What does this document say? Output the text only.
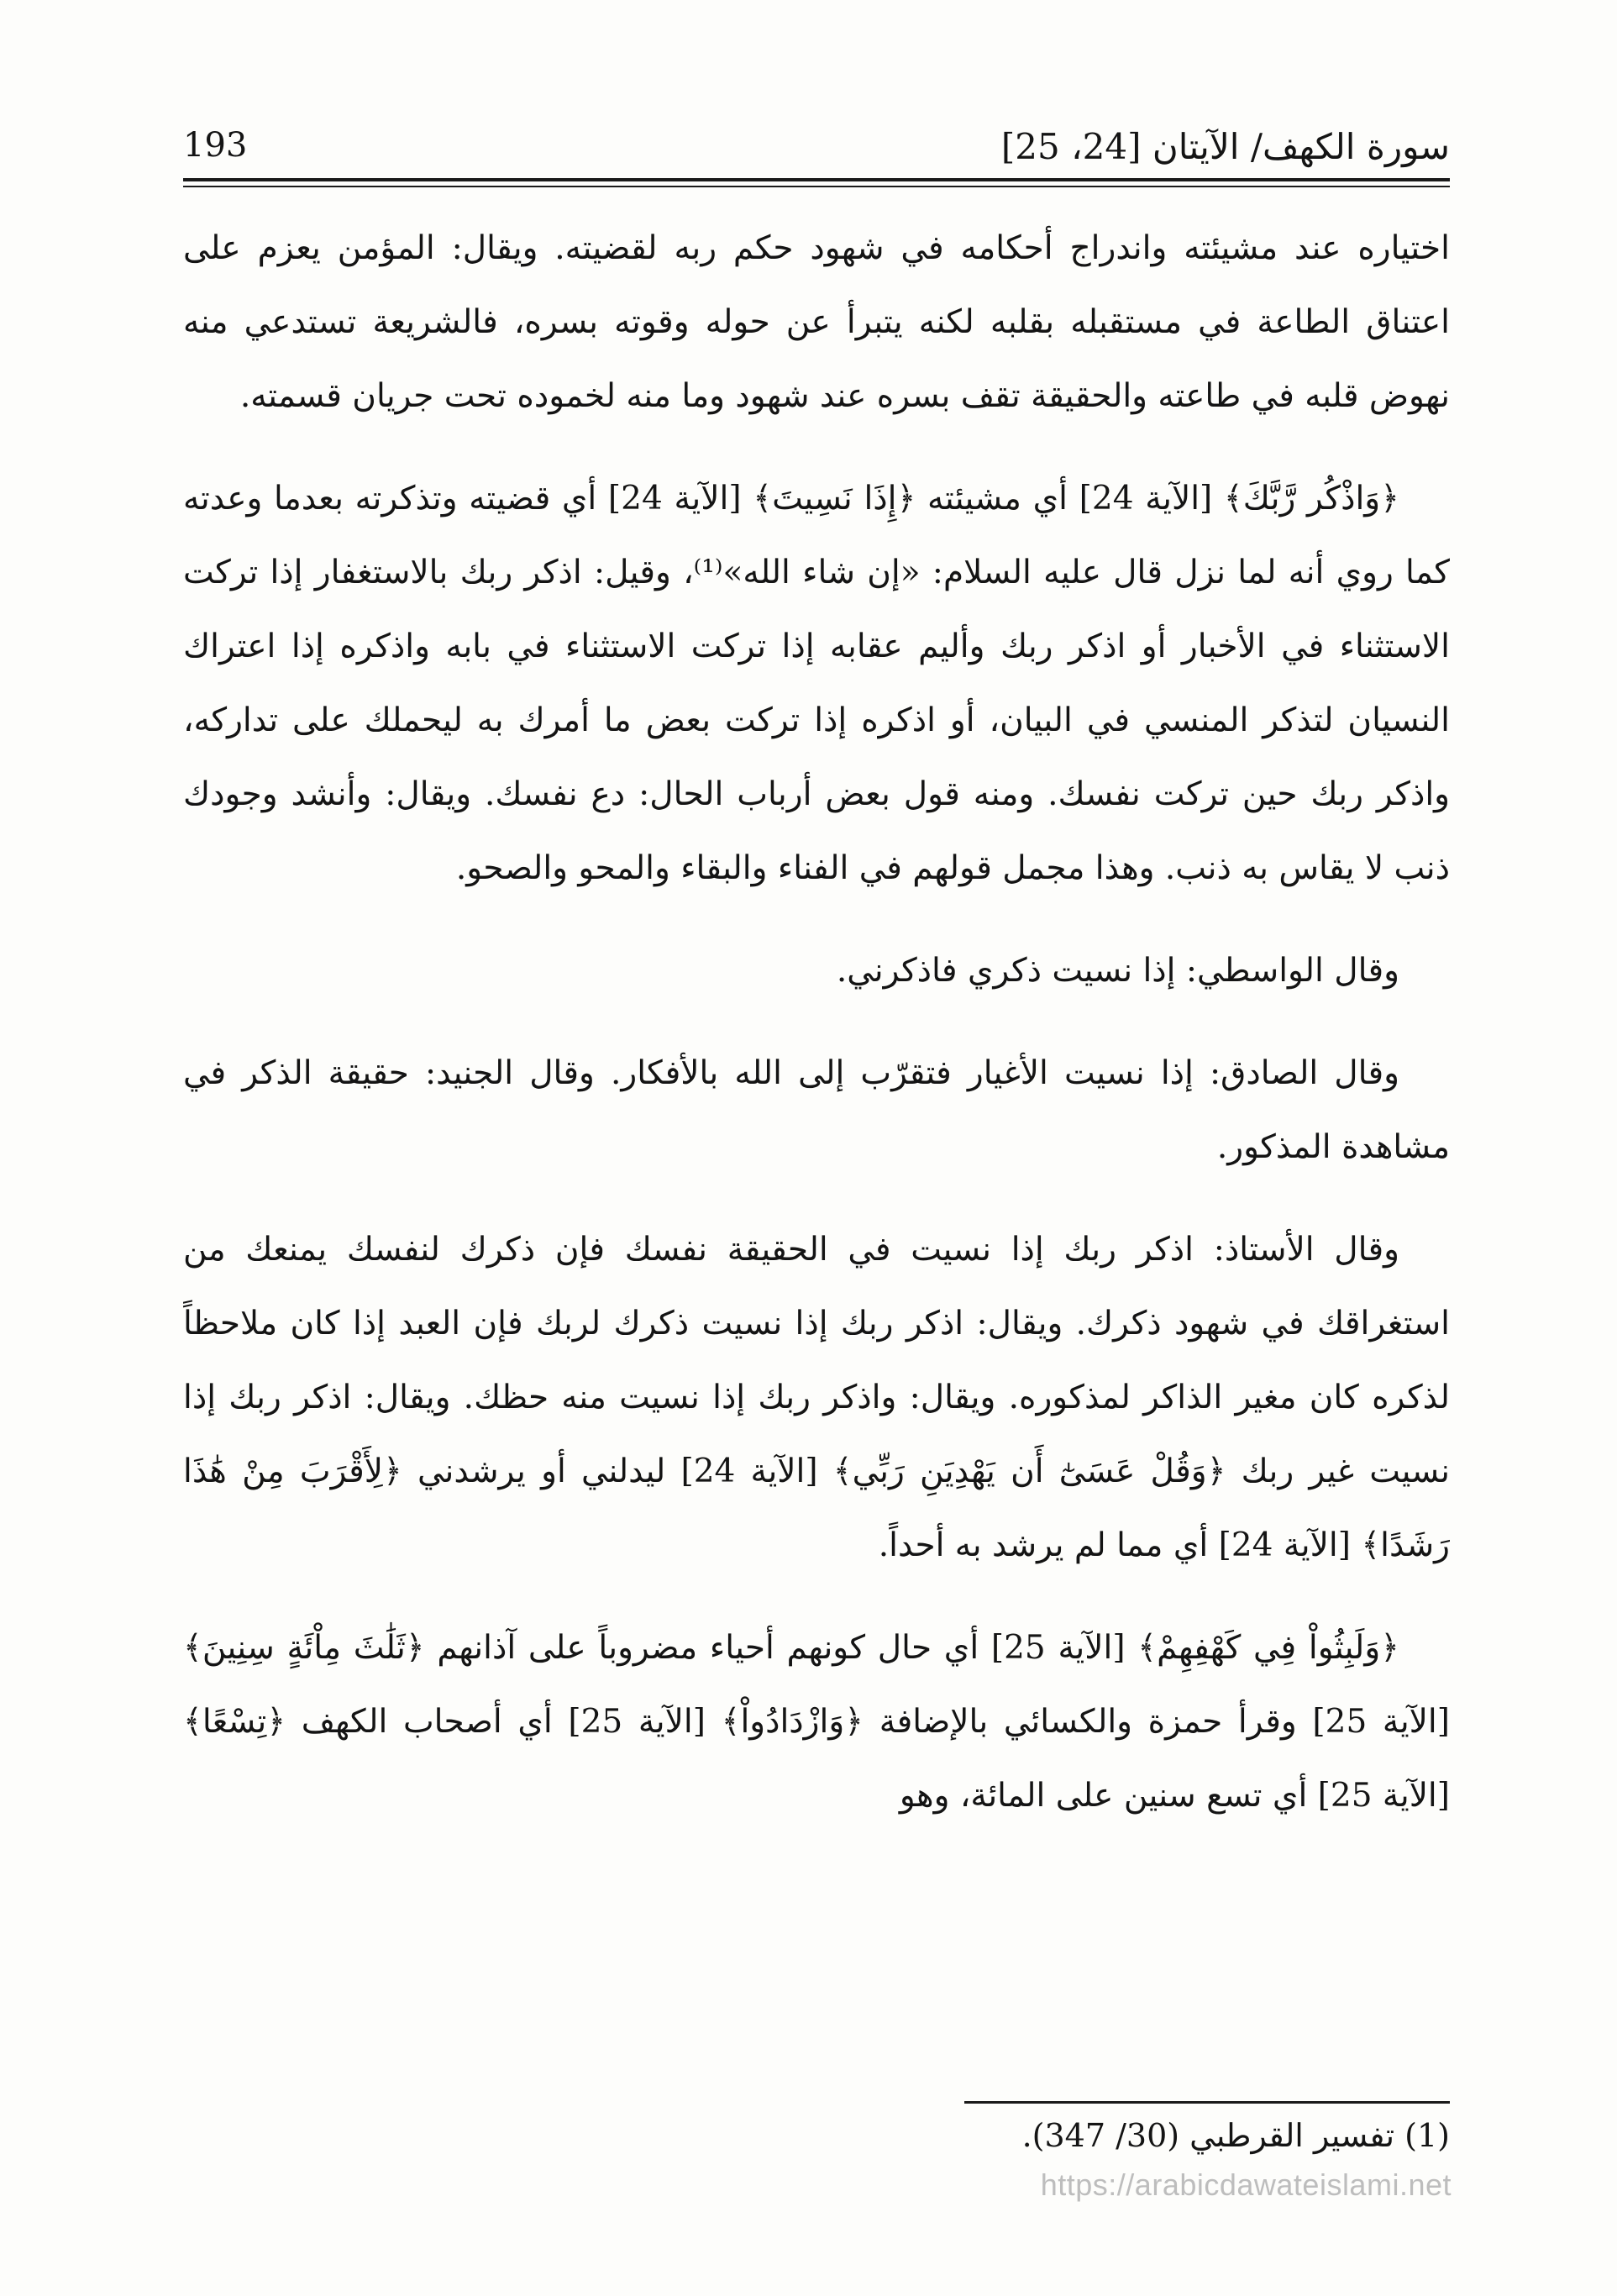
سورة الكهف/ الآيتان [24، 25]
193

اختياره عند مشيئته واندراج أحكامه في شهود حكم ربه لقضيته. ويقال: المؤمن يعزم على اعتناق الطاعة في مستقبله بقلبه لكنه يتبرأ عن حوله وقوته بسره، فالشريعة تستدعي منه نهوض قلبه في طاعته والحقيقة تقف بسره عند شهود وما منه لخموده تحت جريان قسمته.

﴿وَاذْكُر رَّبَّكَ﴾ [الآية 24] أي مشيئته ﴿إِذَا نَسِيتَ﴾ [الآية 24] أي قضيته وتذكرته بعدما وعدته كما روي أنه لما نزل قال عليه السلام: «إن شاء الله»⁽¹⁾، وقيل: اذكر ربك بالاستغفار إذا تركت الاستثناء في الأخبار أو اذكر ربك وأليم عقابه إذا تركت الاستثناء في بابه واذكره إذا اعتراك النسيان لتذكر المنسي في البيان، أو اذكره إذا تركت بعض ما أمرك به ليحملك على تداركه، واذكر ربك حين تركت نفسك. ومنه قول بعض أرباب الحال: دع نفسك. ويقال: وأنشد وجودك ذنب لا يقاس به ذنب. وهذا مجمل قولهم في الفناء والبقاء والمحو والصحو.

وقال الواسطي: إذا نسيت ذكري فاذكرني.

وقال الصادق: إذا نسيت الأغيار فتقرّب إلى الله بالأفكار. وقال الجنيد: حقيقة الذكر في مشاهدة المذكور.

وقال الأستاذ: اذكر ربك إذا نسيت في الحقيقة نفسك فإن ذكرك لنفسك يمنعك من استغراقك في شهود ذكرك. ويقال: اذكر ربك إذا نسيت ذكرك لربك فإن العبد إذا كان ملاحظاً لذكره كان مغير الذاكر لمذكوره. ويقال: واذكر ربك إذا نسيت منه حظك. ويقال: اذكر ربك إذا نسيت غير ربك ﴿وَقُلْ عَسَىٰٓ أَن يَهْدِيَنِ رَبِّي﴾ [الآية 24] ليدلني أو يرشدني ﴿لِأَقْرَبَ مِنْ هَٰذَا رَشَدًا﴾ [الآية 24] أي مما لم يرشد به أحداً.

﴿وَلَبِثُواْ فِي كَهْفِهِمْ﴾ [الآية 25] أي حال كونهم أحياء مضروباً على آذانهم ﴿ثَلَٰثَ مِاْئَةٍ سِنِينَ﴾ [الآية 25] وقرأ حمزة والكسائي بالإضافة ﴿وَازْدَادُواْ﴾ [الآية 25] أي أصحاب الكهف ﴿تِسْعًا﴾ [الآية 25] أي تسع سنين على المائة، وهو

(1) تفسير القرطبي (30/ 347).
https://arabicdawateislami.net
